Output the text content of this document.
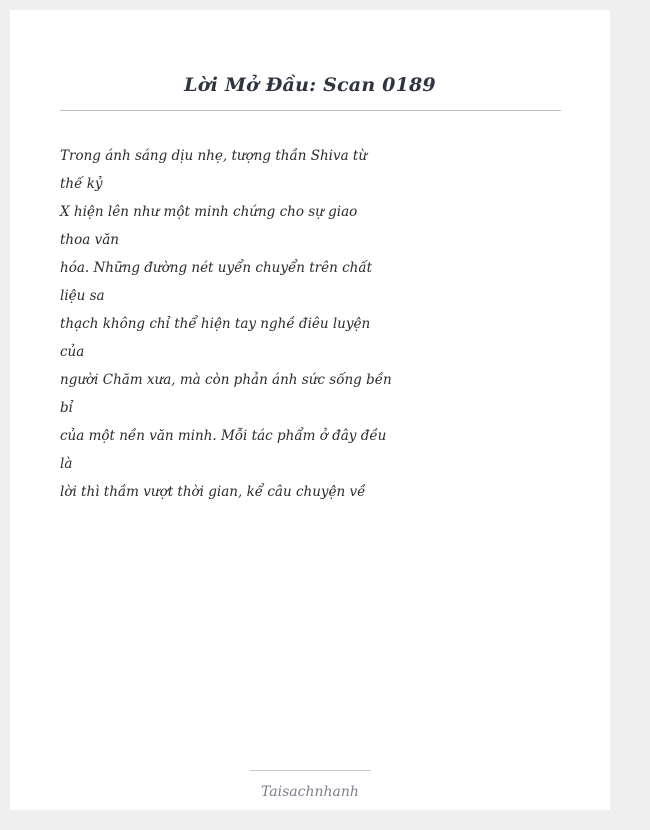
Lời Mở Đầu: Scan 0189
Trong ánh sáng dịu nhẹ, tượng thần Shiva từ
thế kỷ
X hiện lên như một minh chứng cho sự giao
thoa văn
hóa. Những đường nét uyển chuyển trên chất
liệu sa
thạch không chỉ thể hiện tay nghề điêu luyện
của
người Chăm xưa, mà còn phản ánh sức sống bền
bỉ
của một nền văn minh. Mỗi tác phẩm ở đây đều
là
lời thì thầm vượt thời gian, kể câu chuyện về
Taisachnhanh
